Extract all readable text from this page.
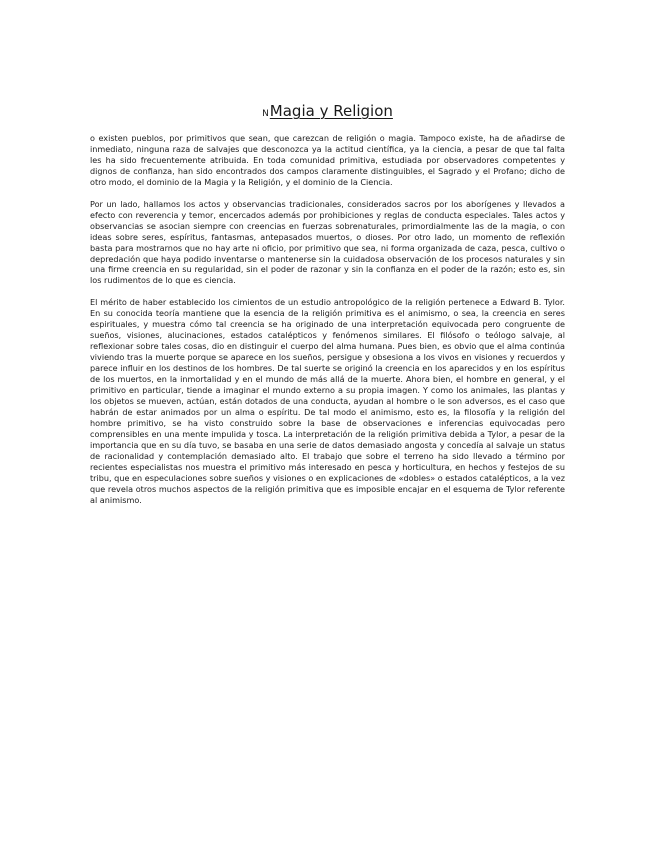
NMagia y Religion

o existen pueblos, por primitivos que sean, que carezcan de religión o magia. Tampoco existe, ha de añadirse de inmediato, ninguna raza de salvajes que desconozca ya la actitud científica, ya la ciencia, a pesar de que tal falta les ha sido frecuentemente atribuida. En toda comunidad primitiva, estudiada por observadores competentes y dignos de confianza, han sido encontrados dos campos claramente distinguibles, el Sagrado y el Profano; dicho de otro modo, el dominio de la Magia y la Religión, y el dominio de la Ciencia.

Por un lado, hallamos los actos y observancias tradicionales, considerados sacros por los aborígenes y llevados a efecto con reverencia y temor, encercados además por prohibiciones y reglas de conducta especiales. Tales actos y observancias se asocian siempre con creencias en fuerzas sobrenaturales, primordialmente las de la magia, o con ideas sobre seres, espíritus, fantasmas, antepasados muertos, o dioses. Por otro lado, un momento de reflexión basta para mostrarnos que no hay arte ni oficio, por primitivo que sea, ni forma organizada de caza, pesca, cultivo o depredación que haya podido inventarse o mantenerse sin la cuidadosa observación de los procesos naturales y sin una firme creencia en su regularidad, sin el poder de razonar y sin la confianza en el poder de la razón; esto es, sin los rudimentos de lo que es ciencia.

El mérito de haber establecido los cimientos de un estudio antropológico de la religión pertenece a Edward B. Tylor. En su conocida teoría mantiene que la esencia de la religión primitiva es el animismo, o sea, la creencia en seres espirituales, y muestra cómo tal creencia se ha originado de una interpretación equivocada pero congruente de sueños, visiones, alucinaciones, estados catalépticos y fenómenos similares. El filósofo o teólogo salvaje, al reflexionar sobre tales cosas, dio en distinguir el cuerpo del alma humana. Pues bien, es obvio que el alma continúa viviendo tras la muerte porque se aparece en los sueños, persigue y obsesiona a los vivos en visiones y recuerdos y parece influir en los destinos de los hombres. De tal suerte se originó la creencia en los aparecidos y en los espíritus de los muertos, en la inmortalidad y en el mundo de más allá de la muerte. Ahora bien, el hombre en general, y el primitivo en particular, tiende a imaginar el mundo externo a su propia imagen. Y como los animales, las plantas y los objetos se mueven, actúan, están dotados de una conducta, ayudan al hombre o le son adversos, es el caso que habrán de estar animados por un alma o espíritu. De tal modo el animismo, esto es, la filosofía y la religión del hombre primitivo, se ha visto construido sobre la base de observaciones e inferencias equivocadas pero comprensibles en una mente impulida y tosca. La interpretación de la religión primitiva debida a Tylor, a pesar de la importancia que en su día tuvo, se basaba en una serie de datos demasiado angosta y concedía al salvaje un status de racionalidad y contemplación demasiado alto. El trabajo que sobre el terreno ha sido llevado a término por recientes especialistas nos muestra el primitivo más interesado en pesca y horticultura, en hechos y festejos de su tribu, que en especulaciones sobre sueños y visiones o en explicaciones de «dobles» o estados catalépticos, a la vez que revela otros muchos aspectos de la religión primitiva que es imposible encajar en el esquema de Tylor referente al animismo.
